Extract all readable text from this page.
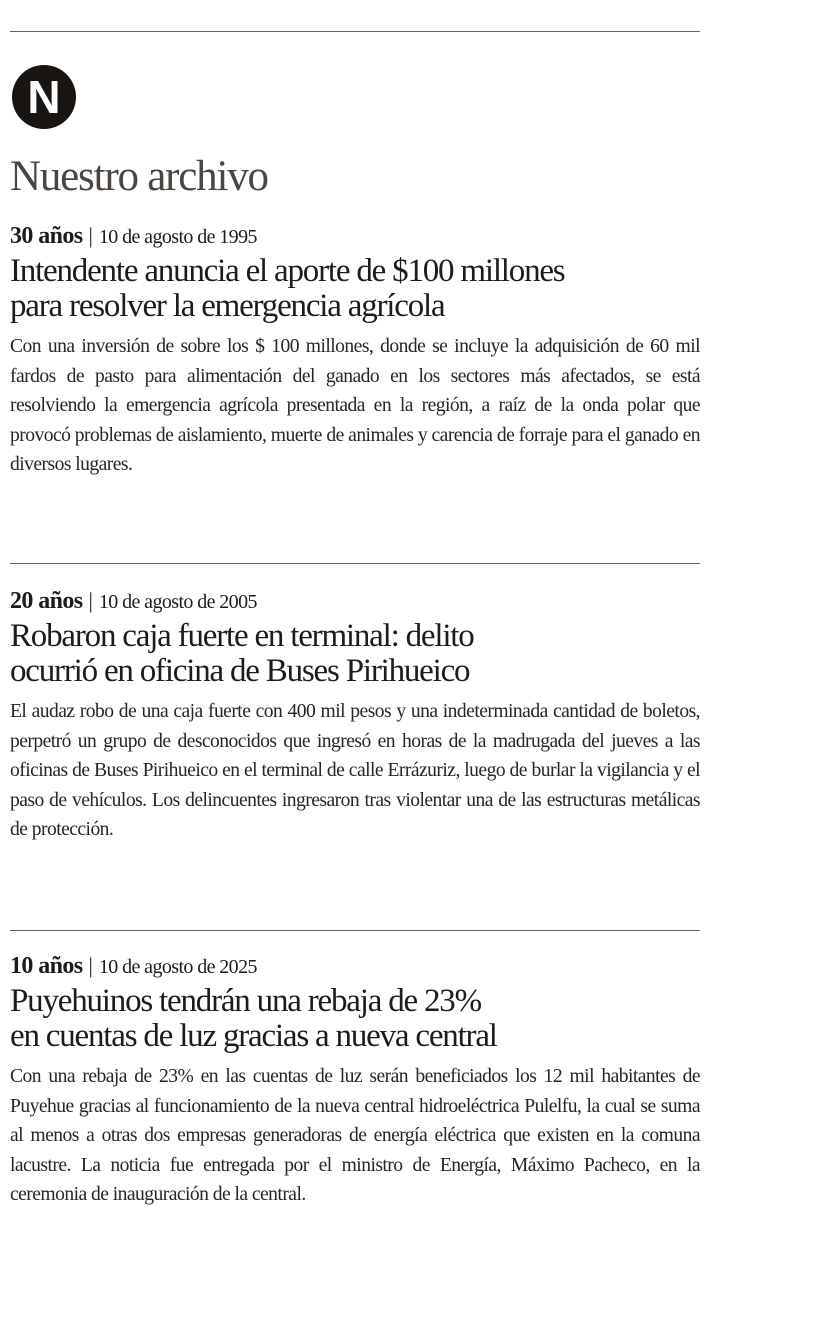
N
Nuestro archivo

30 años | 10 de agosto de 1995

Intendente anuncia el aporte de $100 millones
para resolver la emergencia agrícola

Con una inversión de sobre los $ 100 millones, donde se incluye la adquisición de 60 mil fardos de pasto para alimentación del ganado en los sectores más afectados, se está resolviendo la emergencia agrícola presentada en la región, a raíz de la onda polar que provocó problemas de aislamiento, muerte de animales y carencia de forraje para el ganado en diversos lugares.

20 años | 10 de agosto de 2005

Robaron caja fuerte en terminal: delito
ocurrió en oficina de Buses Pirihueico

El audaz robo de una caja fuerte con 400 mil pesos y una indeterminada cantidad de boletos, perpetró un grupo de desconocidos que ingresó en horas de la madrugada del jueves a las oficinas de Buses Pirihueico en el terminal de calle Errázuriz, luego de burlar la vigilancia y el paso de vehículos. Los delincuentes ingresaron tras violentar una de las estructuras metálicas de protección.

10 años | 10 de agosto de 2025

Puyehuinos tendrán una rebaja de 23%
en cuentas de luz gracias a nueva central

Con una rebaja de 23% en las cuentas de luz serán beneficiados los 12 mil habitantes de Puyehue gracias al funcionamiento de la nueva central hidroeléctrica Pulelfu, la cual se suma al menos a otras dos empresas generadoras de energía eléctrica que existen en la comuna lacustre. La noticia fue entregada por el ministro de Energía, Máximo Pacheco, en la ceremonia de inauguración de la central.
